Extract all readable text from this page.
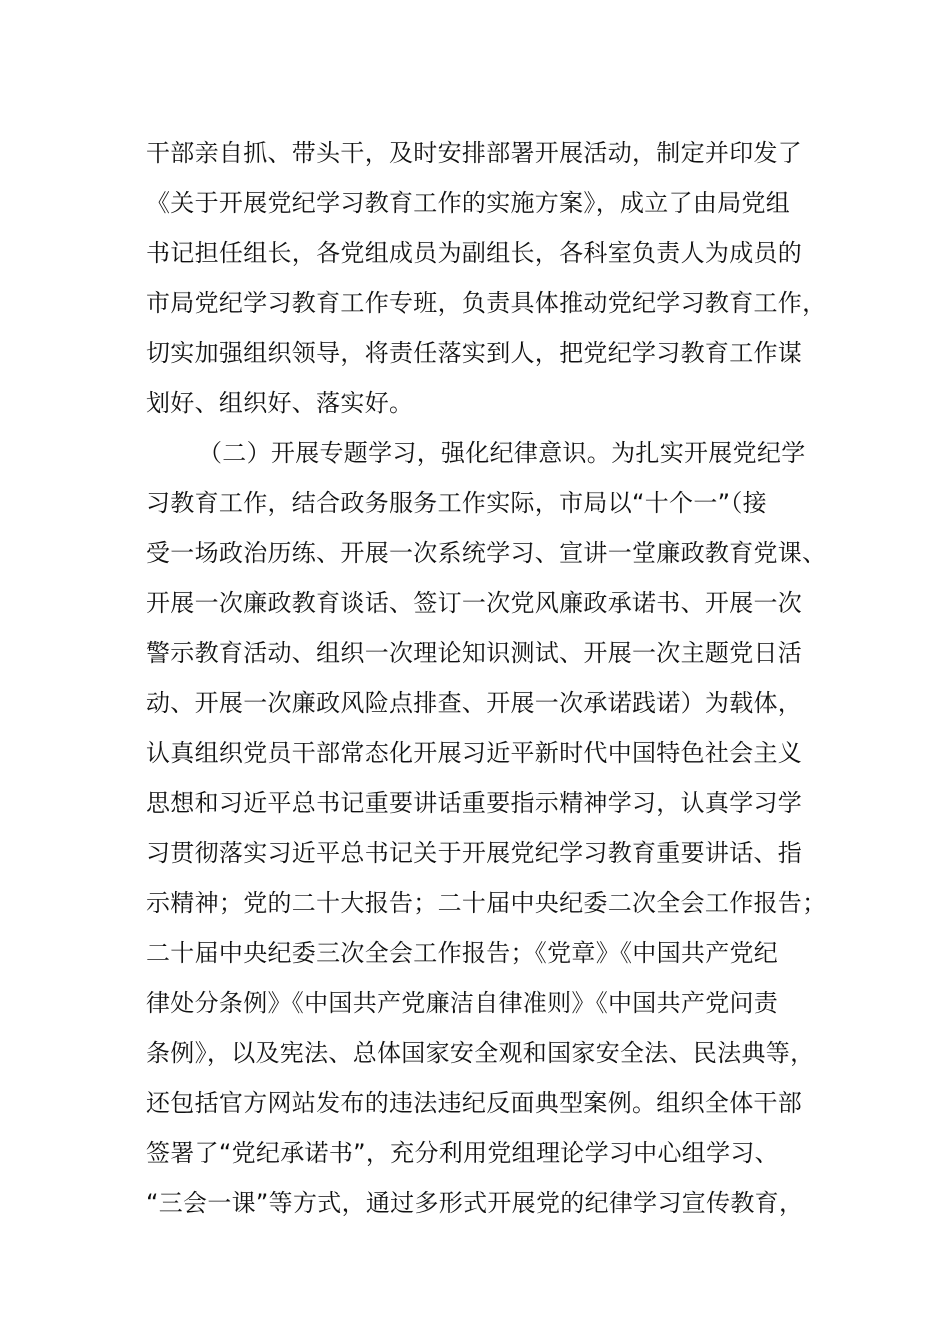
干部亲自抓、带头干，及时安排部署开展活动，制定并印发了
《关于开展党纪学习教育工作的实施方案》，成立了由局党组
书记担任组长，各党组成员为副组长，各科室负责人为成员的
市局党纪学习教育工作专班，负责具体推动党纪学习教育工作，
切实加强组织领导，将责任落实到人，把党纪学习教育工作谋
划好、组织好、落实好。
（二）开展专题学习，强化纪律意识。为扎实开展党纪学
习教育工作，结合政务服务工作实际，市局以“十个一”（接
受一场政治历练、开展一次系统学习、宣讲一堂廉政教育党课、
开展一次廉政教育谈话、签订一次党风廉政承诺书、开展一次
警示教育活动、组织一次理论知识测试、开展一次主题党日活
动、开展一次廉政风险点排查、开展一次承诺践诺）为载体，
认真组织党员干部常态化开展习近平新时代中国特色社会主义
思想和习近平总书记重要讲话重要指示精神学习，认真学习学
习贯彻落实习近平总书记关于开展党纪学习教育重要讲话、指
示精神；党的二十大报告；二十届中央纪委二次全会工作报告；
二十届中央纪委三次全会工作报告；《党章》《中国共产党纪
律处分条例》《中国共产党廉洁自律准则》《中国共产党问责
条例》，以及宪法、总体国家安全观和国家安全法、民法典等，
还包括官方网站发布的违法违纪反面典型案例。组织全体干部
签署了“党纪承诺书”，充分利用党组理论学习中心组学习、
“三会一课”等方式，通过多形式开展党的纪律学习宣传教育，
